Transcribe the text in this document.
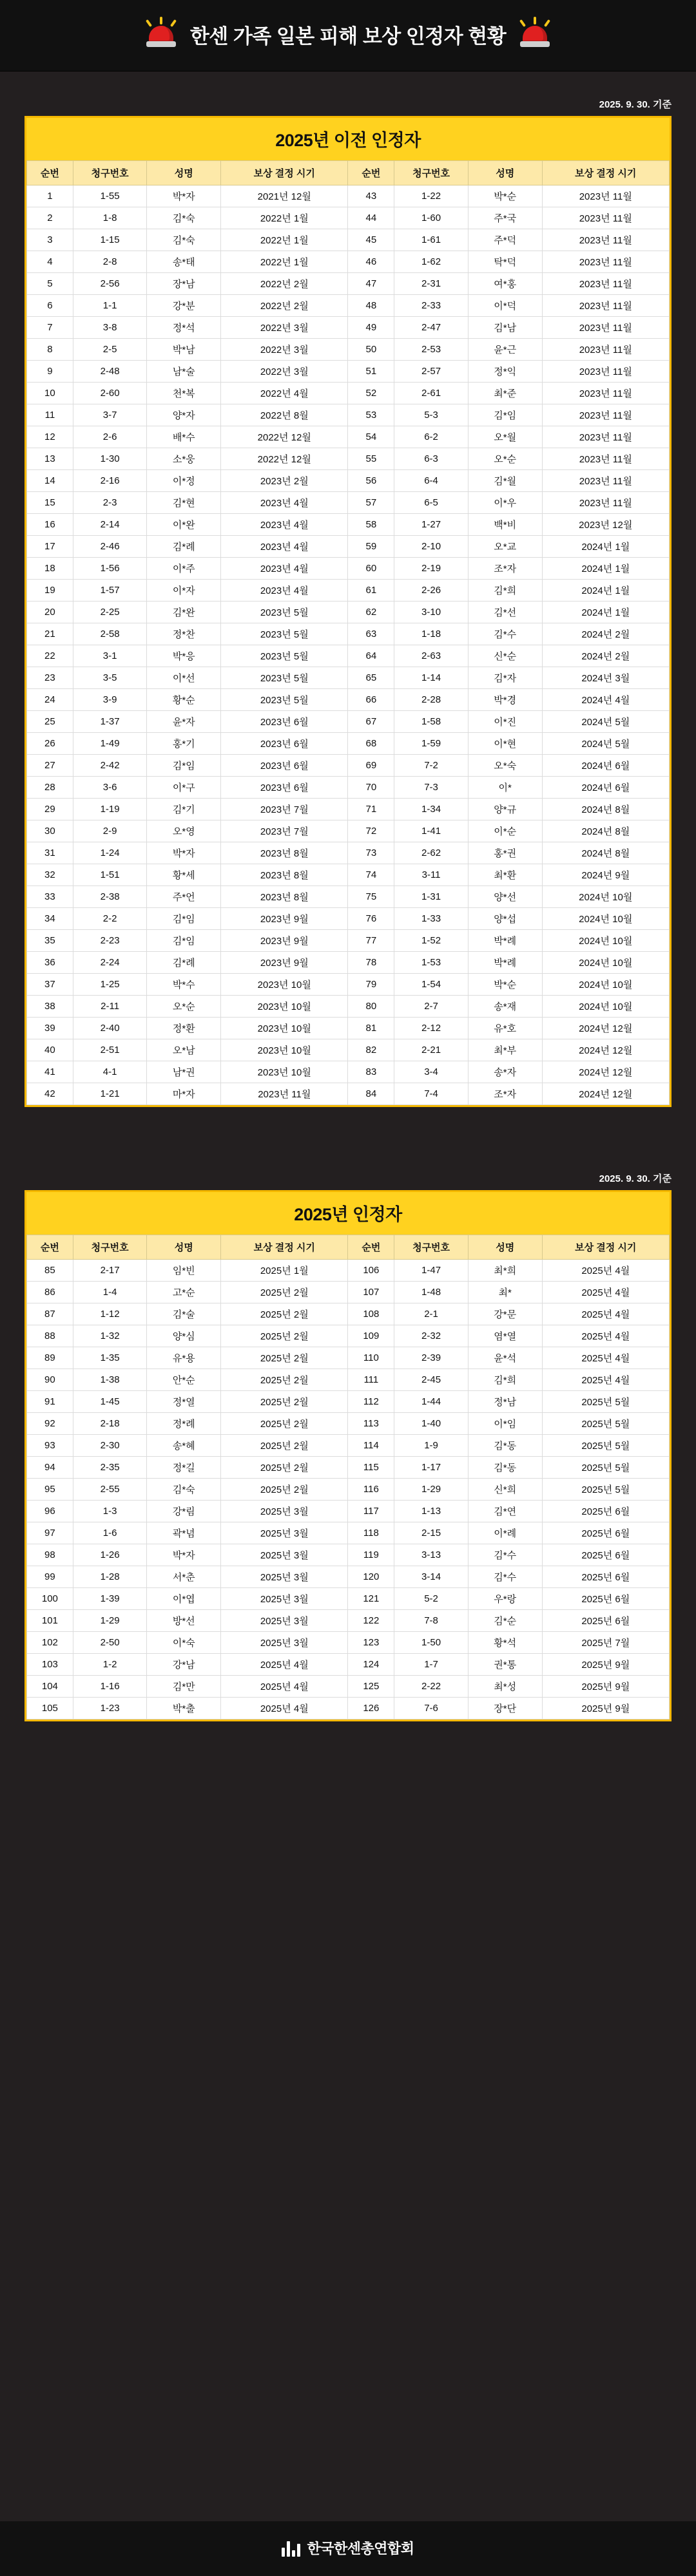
한센 가족 일본 피해 보상 인정자 현황
2025. 9. 30. 기준
2025년 이전 인정자
순번	청구번호	성명	보상 결정 시기	순번	청구번호	성명	보상 결정 시기
1	1-55	박*자	2021년 12월	43	1-22	박*순	2023년 11월
2	1-8	김*숙	2022년 1월	44	1-60	주*국	2023년 11월
3	1-15	김*숙	2022년 1월	45	1-61	주*덕	2023년 11월
4	2-8	송*태	2022년 1월	46	1-62	탁*덕	2023년 11월
5	2-56	장*남	2022년 2월	47	2-31	여*홍	2023년 11월
6	1-1	강*분	2022년 2월	48	2-33	이*덕	2023년 11월
7	3-8	정*석	2022년 3월	49	2-47	김*남	2023년 11월
8	2-5	박*남	2022년 3월	50	2-53	윤*근	2023년 11월
9	2-48	남*술	2022년 3월	51	2-57	정*익	2023년 11월
10	2-60	천*복	2022년 4월	52	2-61	최*준	2023년 11월
11	3-7	양*자	2022년 8월	53	5-3	김*임	2023년 11월
12	2-6	배*수	2022년 12월	54	6-2	오*월	2023년 11월
13	1-30	소*웅	2022년 12월	55	6-3	오*순	2023년 11월
14	2-16	이*정	2023년 2월	56	6-4	김*월	2023년 11월
15	2-3	김*현	2023년 4월	57	6-5	이*우	2023년 11월
16	2-14	이*완	2023년 4월	58	1-27	백*비	2023년 12월
17	2-46	김*례	2023년 4월	59	2-10	오*교	2024년 1월
18	1-56	이*주	2023년 4월	60	2-19	조*자	2024년 1월
19	1-57	이*자	2023년 4월	61	2-26	김*희	2024년 1월
20	2-25	김*완	2023년 5월	62	3-10	김*선	2024년 1월
21	2-58	정*찬	2023년 5월	63	1-18	김*수	2024년 2월
22	3-1	박*응	2023년 5월	64	2-63	신*순	2024년 2월
23	3-5	이*선	2023년 5월	65	1-14	김*자	2024년 3월
24	3-9	황*순	2023년 5월	66	2-28	박*경	2024년 4월
25	1-37	윤*자	2023년 6월	67	1-58	이*진	2024년 5월
26	1-49	홍*기	2023년 6월	68	1-59	이*현	2024년 5월
27	2-42	김*임	2023년 6월	69	7-2	오*숙	2024년 6월
28	3-6	이*구	2023년 6월	70	7-3	이*	2024년 6월
29	1-19	김*기	2023년 7월	71	1-34	양*규	2024년 8월
30	2-9	오*영	2023년 7월	72	1-41	이*순	2024년 8월
31	1-24	박*자	2023년 8월	73	2-62	홍*권	2024년 8월
32	1-51	황*세	2023년 8월	74	3-11	최*환	2024년 9월
33	2-38	주*언	2023년 8월	75	1-31	양*선	2024년 10월
34	2-2	김*임	2023년 9월	76	1-33	양*섭	2024년 10월
35	2-23	김*임	2023년 9월	77	1-52	박*례	2024년 10월
36	2-24	김*례	2023년 9월	78	1-53	박*례	2024년 10월
37	1-25	박*수	2023년 10월	79	1-54	박*순	2024년 10월
38	2-11	오*순	2023년 10월	80	2-7	송*재	2024년 10월
39	2-40	정*환	2023년 10월	81	2-12	유*호	2024년 12월
40	2-51	오*남	2023년 10월	82	2-21	최*부	2024년 12월
41	4-1	남*권	2023년 10월	83	3-4	송*자	2024년 12월
42	1-21	마*자	2023년 11월	84	7-4	조*자	2024년 12월
2025. 9. 30. 기준
2025년 인정자
순번	청구번호	성명	보상 결정 시기	순번	청구번호	성명	보상 결정 시기
85	2-17	임*빈	2025년 1월	106	1-47	최*희	2025년 4월
86	1-4	고*순	2025년 2월	107	1-48	최*	2025년 4월
87	1-12	김*술	2025년 2월	108	2-1	강*문	2025년 4월
88	1-32	양*심	2025년 2월	109	2-32	염*열	2025년 4월
89	1-35	유*용	2025년 2월	110	2-39	윤*석	2025년 4월
90	1-38	안*순	2025년 2월	111	2-45	김*희	2025년 4월
91	1-45	정*열	2025년 2월	112	1-44	정*남	2025년 5월
92	2-18	정*례	2025년 2월	113	1-40	이*임	2025년 5월
93	2-30	송*혜	2025년 2월	114	1-9	김*동	2025년 5월
94	2-35	정*길	2025년 2월	115	1-17	김*동	2025년 5월
95	2-55	김*숙	2025년 2월	116	1-29	신*희	2025년 5월
96	1-3	강*림	2025년 3월	117	1-13	김*연	2025년 6월
97	1-6	곽*념	2025년 3월	118	2-15	이*례	2025년 6월
98	1-26	박*자	2025년 3월	119	3-13	김*수	2025년 6월
99	1-28	서*춘	2025년 3월	120	3-14	김*수	2025년 6월
100	1-39	이*엽	2025년 3월	121	5-2	우*랑	2025년 6월
101	1-29	방*선	2025년 3월	122	7-8	김*순	2025년 6월
102	2-50	이*숙	2025년 3월	123	1-50	황*석	2025년 7월
103	1-2	강*남	2025년 4월	124	1-7	권*통	2025년 9월
104	1-16	김*만	2025년 4월	125	2-22	최*성	2025년 9월
105	1-23	박*출	2025년 4월	126	7-6	장*단	2025년 9월
한국한센총연합회
